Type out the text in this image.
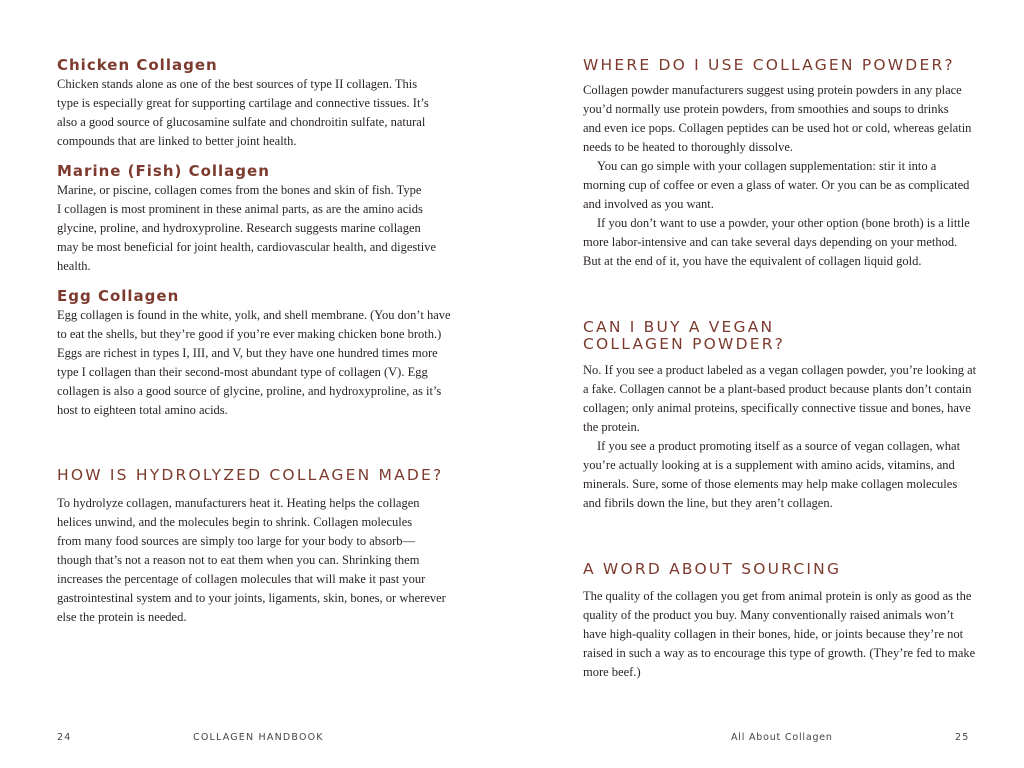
Chicken Collagen

Chicken stands alone as one of the best sources of type II collagen. This
type is especially great for supporting cartilage and connective tissues. It’s
also a good source of glucosamine sulfate and chondroitin sulfate, natural
compounds that are linked to better joint health.

Marine (Fish) Collagen

Marine, or piscine, collagen comes from the bones and skin of fish. Type
I collagen is most prominent in these animal parts, as are the amino acids
glycine, proline, and hydroxyproline. Research suggests marine collagen
may be most beneficial for joint health, cardiovascular health, and digestive
health.

Egg Collagen

Egg collagen is found in the white, yolk, and shell membrane. (You don’t have
to eat the shells, but they’re good if you’re ever making chicken bone broth.)
Eggs are richest in types I, III, and V, but they have one hundred times more
type I collagen than their second-most abundant type of collagen (V). Egg
collagen is also a good source of glycine, proline, and hydroxyproline, as it’s
host to eighteen total amino acids.

HOW IS HYDROLYZED COLLAGEN MADE?

To hydrolyze collagen, manufacturers heat it. Heating helps the collagen
helices unwind, and the molecules begin to shrink. Collagen molecules
from many food sources are simply too large for your body to absorb—
though that’s not a reason not to eat them when you can. Shrinking them
increases the percentage of collagen molecules that will make it past your
gastrointestinal system and to your joints, ligaments, skin, bones, or wherever
else the protein is needed.

24	COLLAGEN HANDBOOK
WHERE DO I USE COLLAGEN POWDER?

Collagen powder manufacturers suggest using protein powders in any place
you’d normally use protein powders, from smoothies and soups to drinks
and even ice pops. Collagen peptides can be used hot or cold, whereas gelatin
needs to be heated to thoroughly dissolve.

You can go simple with your collagen supplementation: stir it into a
morning cup of coffee or even a glass of water. Or you can be as complicated
and involved as you want.

If you don’t want to use a powder, your other option (bone broth) is a little
more labor-intensive and can take several days depending on your method.
But at the end of it, you have the equivalent of collagen liquid gold.

CAN I BUY A VEGAN
COLLAGEN POWDER?

No. If you see a product labeled as a vegan collagen powder, you’re looking at
a fake. Collagen cannot be a plant-based product because plants don’t contain
collagen; only animal proteins, specifically connective tissue and bones, have
the protein.

If you see a product promoting itself as a source of vegan collagen, what
you’re actually looking at is a supplement with amino acids, vitamins, and
minerals. Sure, some of those elements may help make collagen molecules
and fibrils down the line, but they aren’t collagen.

A WORD ABOUT SOURCING

The quality of the collagen you get from animal protein is only as good as the
quality of the product you buy. Many conventionally raised animals won’t
have high-quality collagen in their bones, hide, or joints because they’re not
raised in such a way as to encourage this type of growth. (They’re fed to make
more beef.)

All About Collagen	25
